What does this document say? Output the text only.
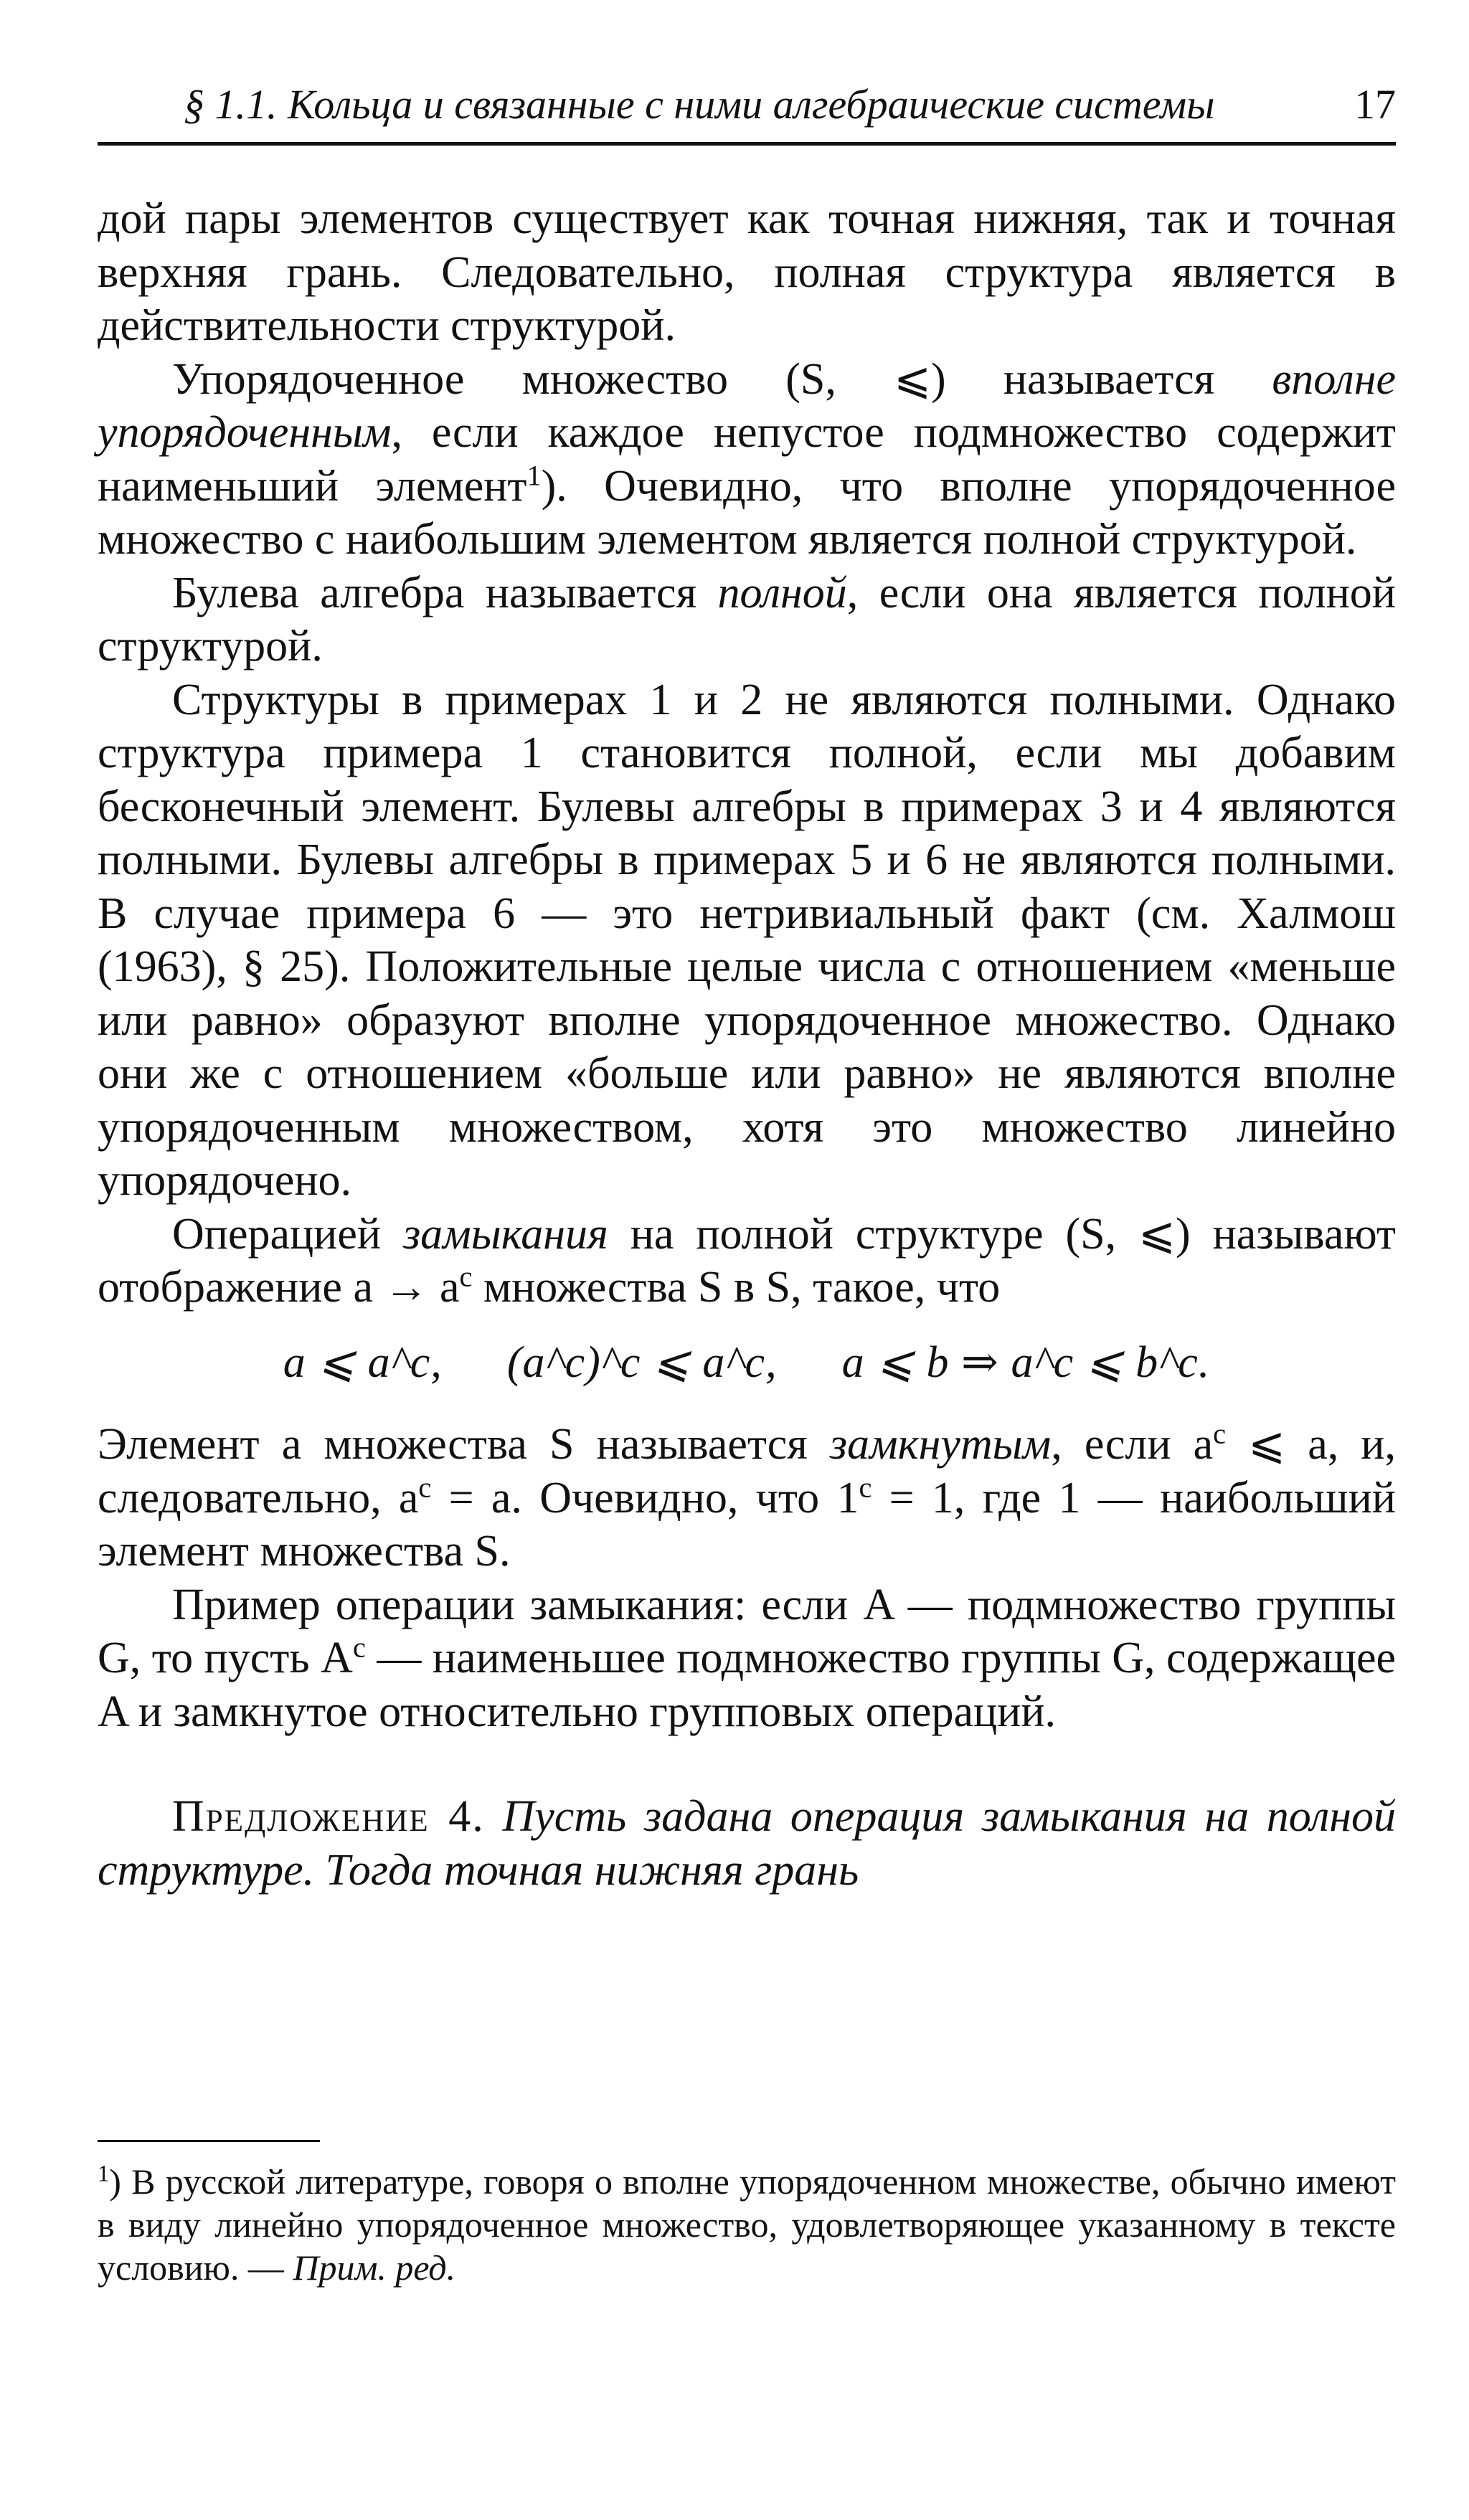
§ 1.1. Кольца и связанные с ними алгебраические системы	17

дой пары элементов существует как точная нижняя, так и точная верхняя грань. Следовательно, полная структура является в действительности структурой.

Упорядоченное множество (S, ⩽) называется вполне упорядоченным, если каждое непустое подмножество содержит наименьший элемент$^1$). Очевидно, что вполне упорядоченное множество с наибольшим элементом является полной структурой.

Булева алгебра называется полной, если она является полной структурой.

Структуры в примерах 1 и 2 не являются полными. Однако структура примера 1 становится полной, если мы добавим бесконечный элемент. Булевы алгебры в примерах 3 и 4 являются полными. Булевы алгебры в примерах 5 и 6 не являются полными. В случае примера 6 — это нетривиальный факт (см. Халмош (1963), § 25). Положительные целые числа с отношением «меньше или равно» образуют вполне упорядоченное множество. Однако они же с отношением «больше или равно» не являются вполне упорядоченным множеством, хотя это множество линейно упорядочено.

Операцией замыкания на полной структуре (S, ⩽) называют отображение $a \to a^c$ множества S в S, такое, что

a ⩽ a^c, (a^c)^c ⩽ a^c, a ⩽ b ⇒ a^c ⩽ b^c.

Элемент a множества S называется замкнутым, если $a^c$ ⩽ a, и, следовательно, $a^c = a$. Очевидно, что $1^c = 1$, где 1 — наибольший элемент множества S.

Пример операции замыкания: если A — подмножество группы G, то пусть $A^c$ — наименьшее подмножество группы G, содержащее A и замкнутое относительно групповых операций.

Предложение 4. Пусть задана операция замыкания на полной структуре. Тогда точная нижняя грань

$^1$) В русской литературе, говоря о вполне упорядоченном множестве, обычно имеют в виду линейно упорядоченное множество, удовлетворяющее указанному в тексте условию. — Прим. ред.
